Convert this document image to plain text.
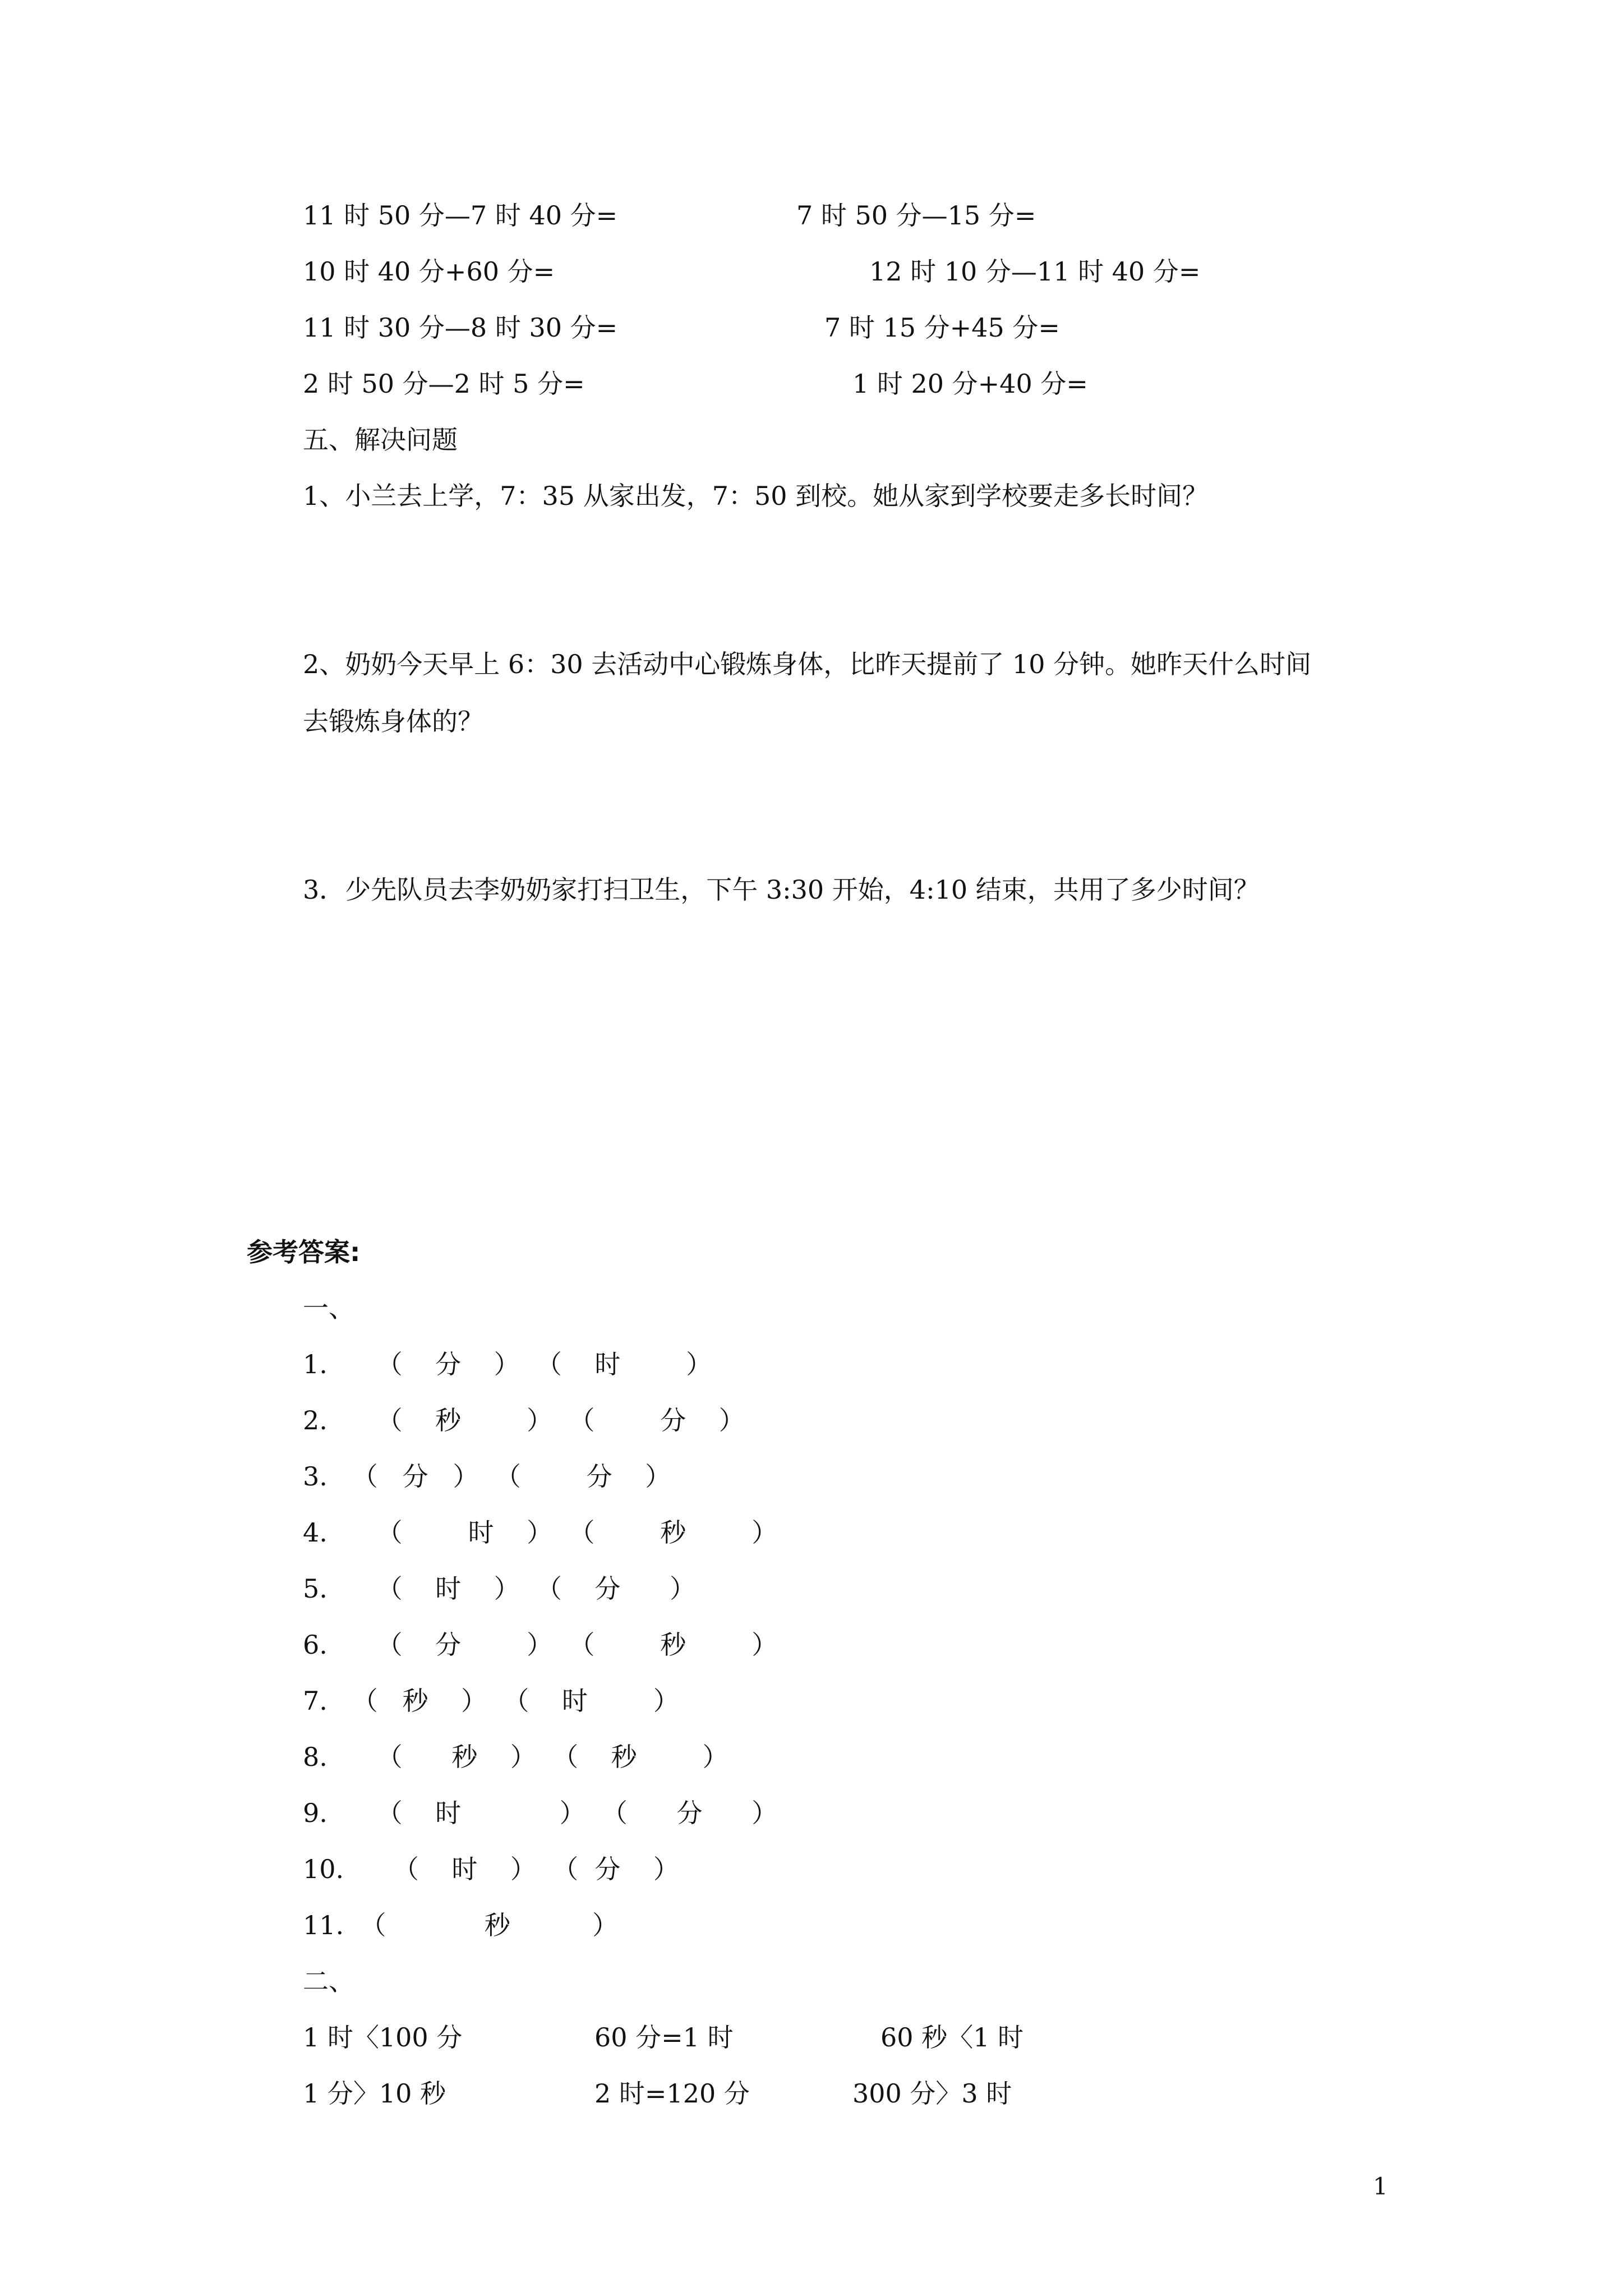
11 时 50 分—7 时 40 分=	7 时 50 分—15 分=
10 时 40 分+60 分=	12 时 10 分—11 时 40 分=
11 时 30 分—8 时 30 分=	7 时 15 分+45 分=
2 时 50 分—2 时 5 分=	1 时 20 分+40 分=
五、解决问题
1、小兰去上学，7：35 从家出发，7：50 到校。她从家到学校要走多长时间？
2、奶奶今天早上 6：30 去活动中心锻炼身体，比昨天提前了 10 分钟。她昨天什么时间
去锻炼身体的？
3．少先队员去李奶奶家打扫卫生，下午 3:30 开始，4:10 结束，共用了多少时间？
参考答案:
一、
1.      （    分    ）  （    时        ）
2.      （    秒        ）  （        分    ）
3.   （   分   ）  （        分    ）
4.      （        时    ）  （        秒        ）
5.      （    时    ）  （    分      ）
6.      （    分        ）  （        秒        ）
7.   （   秒    ）  （    时        ）
8.      （      秒    ）  （    秒        ）
9.      （    时            ）  （      分      ）
10.      （    时    ）  （  分    ）
11.  （            秒          ）
二、
1 时〈100 分	60 分=1 时	60 秒〈1 时
1 分〉10 秒	2 时=120 分	300 分〉3 时
1
